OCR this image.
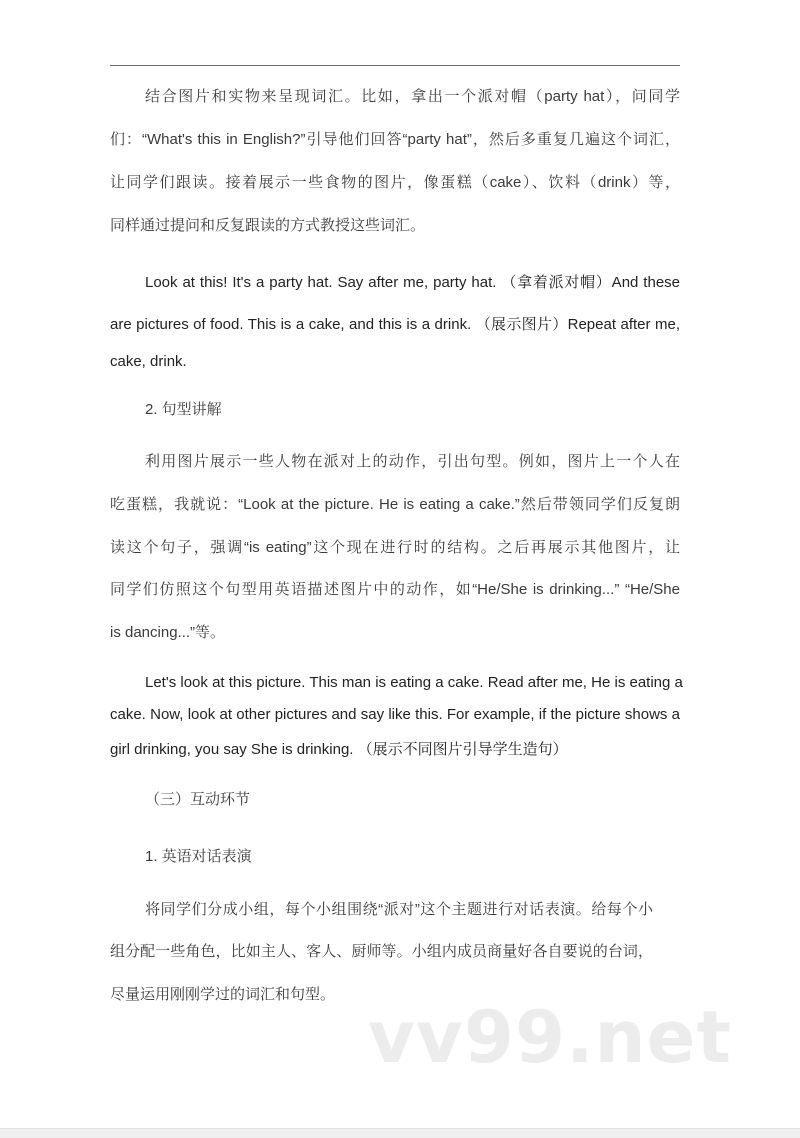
结合图片和实物来呈现词汇。比如，拿出一个派对帽（party hat），问同学
们：“What's this in English?”引导他们回答“party hat”，然后多重复几遍这个词汇，
让同学们跟读。接着展示一些食物的图片，像蛋糕（cake）、饮料（drink）等，
同样通过提问和反复跟读的方式教授这些词汇。
Look at this! It's a party hat. Say after me, party hat. （拿着派对帽）And these
are pictures of food. This is a cake, and this is a drink. （展示图片）Repeat after me,
cake, drink.
2. 句型讲解
利用图片展示一些人物在派对上的动作，引出句型。例如，图片上一个人在
吃蛋糕，我就说：“Look at the picture. He is eating a cake.”然后带领同学们反复朗
读这个句子，强调“is eating”这个现在进行时的结构。之后再展示其他图片，让
同学们仿照这个句型用英语描述图片中的动作，如“He/She is drinking...” “He/She
is dancing...”等。
Let's look at this picture. This man is eating a cake. Read after me, He is eating a
cake. Now, look at other pictures and say like this. For example, if the picture shows a
girl drinking, you say She is drinking. （展示不同图片引导学生造句）
（三）互动环节
1. 英语对话表演
将同学们分成小组，每个小组围绕“派对”这个主题进行对话表演。给每个小
组分配一些角色，比如主人、客人、厨师等。小组内成员商量好各自要说的台词，
尽量运用刚刚学过的词汇和句型。
vv99.net
